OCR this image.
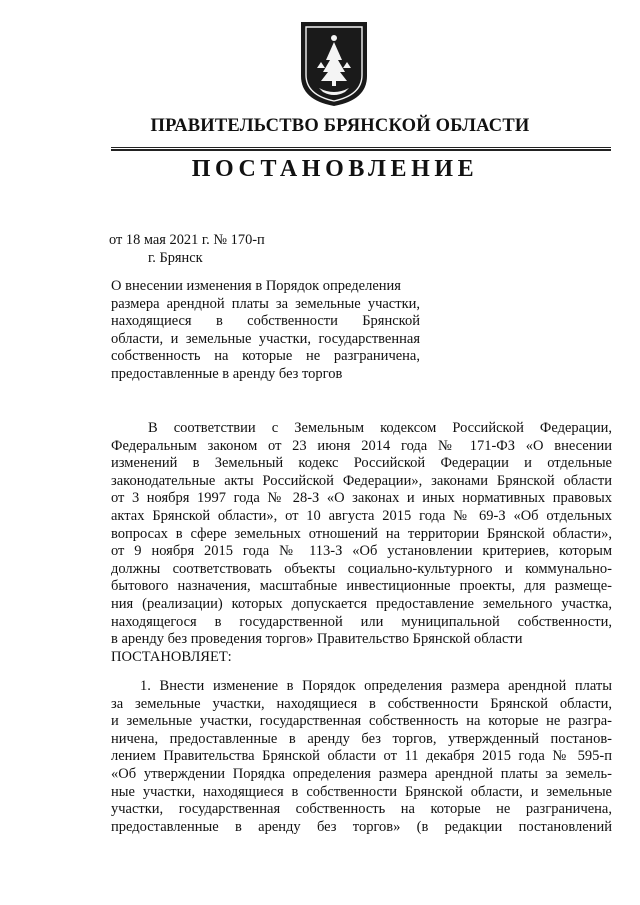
ПРАВИТЕЛЬСТВО БРЯНСКОЙ ОБЛАСТИ
ПОСТАНОВЛЕНИЕ
от 18 мая 2021 г. № 170-п
г. Брянск
О внесении изменения в Порядок определения
размера арендной платы за земельные участки,
находящиеся в собственности Брянской
области, и земельные участки, государственная
собственность на которые не разграничена,
предоставленные в аренду без торгов
В соответствии с Земельным кодексом Российской Федерации,
Федеральным законом от 23 июня 2014 года № 171-ФЗ «О внесении
изменений в Земельный кодекс Российской Федерации и отдельные
законодательные акты Российской Федерации», законами Брянской области
от 3 ноября 1997 года № 28-З «О законах и иных нормативных правовых
актах Брянской области», от 10 августа 2015 года № 69-З «Об отдельных
вопросах в сфере земельных отношений на территории Брянской области»,
от 9 ноября 2015 года № 113-З «Об установлении критериев, которым
должны соответствовать объекты социально-культурного и коммунально-
бытового назначения, масштабные инвестиционные проекты, для размеще-
ния (реализации) которых допускается предоставление земельного участка,
находящегося в государственной или муниципальной собственности,
в аренду без проведения торгов» Правительство Брянской области
ПОСТАНОВЛЯЕТ:
1. Внести изменение в Порядок определения размера арендной платы
за земельные участки, находящиеся в собственности Брянской области,
и земельные участки, государственная собственность на которые не разгра-
ничена, предоставленные в аренду без торгов, утвержденный постанов-
лением Правительства Брянской области от 11 декабря 2015 года № 595-п
«Об утверждении Порядка определения размера арендной платы за земель-
ные участки, находящиеся в собственности Брянской области, и земельные
участки, государственная собственность на которые не разграничена,
предоставленные в аренду без торгов» (в редакции постановлений
